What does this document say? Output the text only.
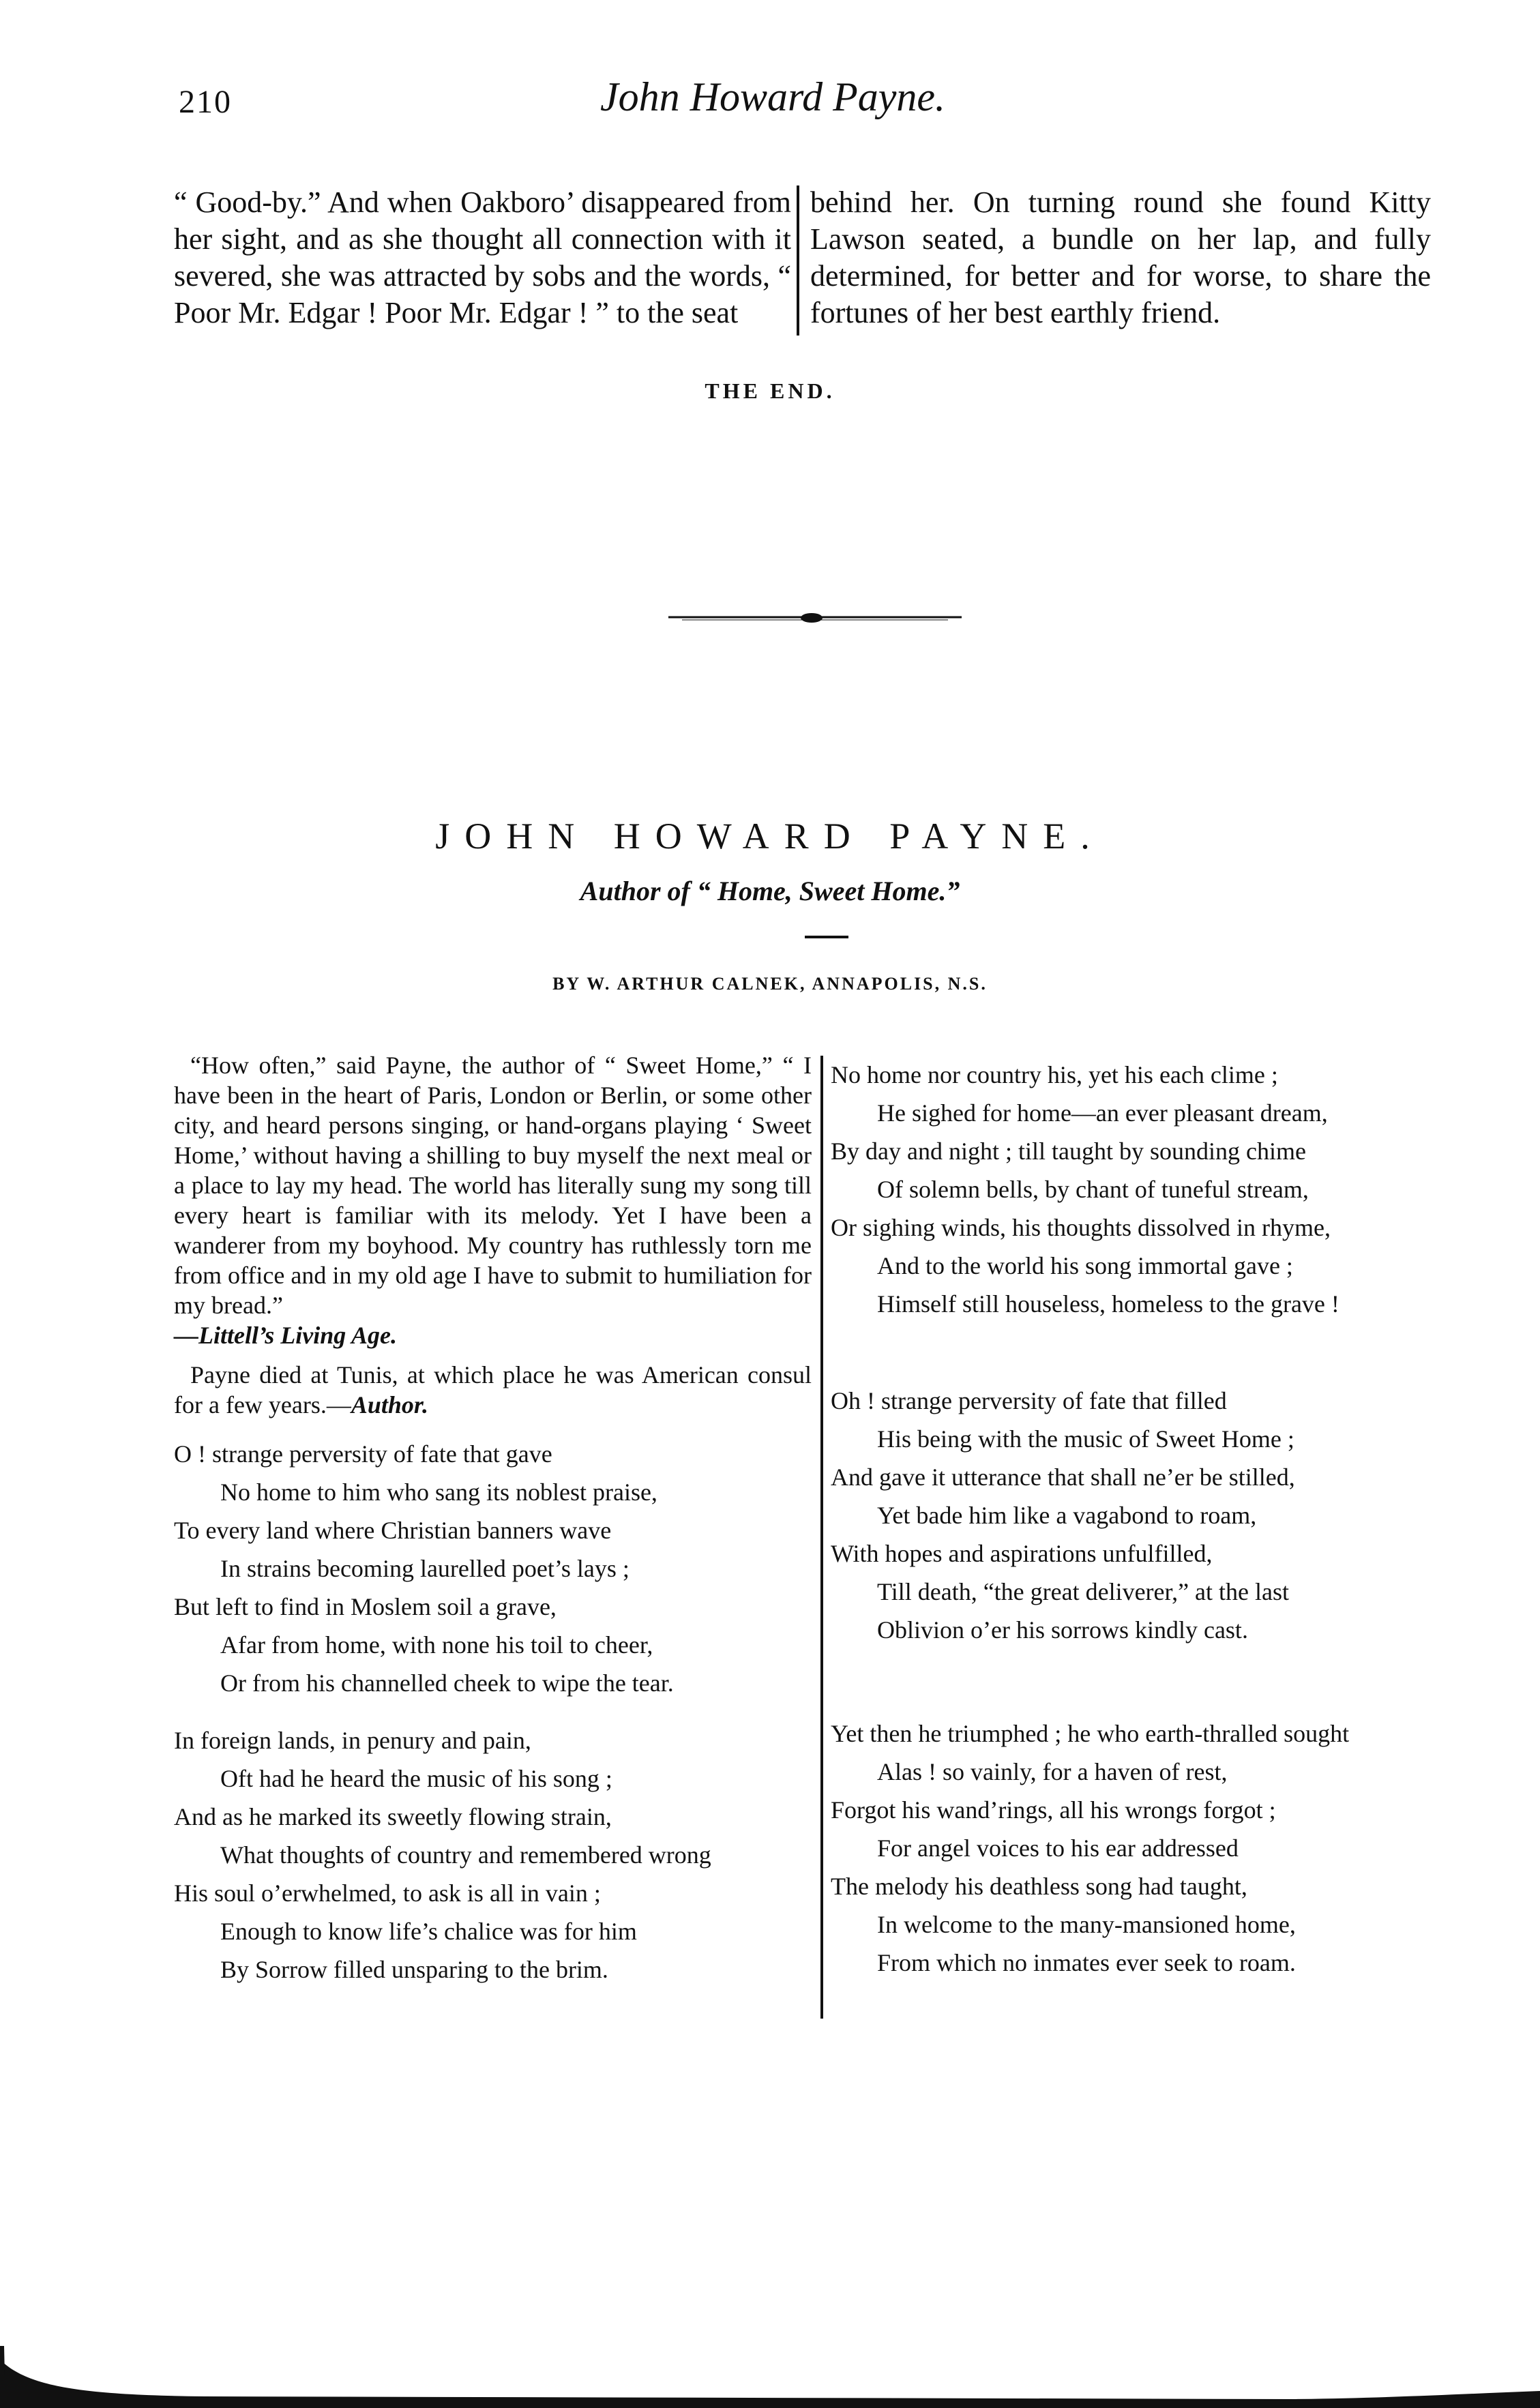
210	John Howard Payne.

“ Good-by.” And when Oakboro’ disappeared from her sight, and as she thought all connection with it severed, she was attracted by sobs and the words, “ Poor Mr. Edgar ! Poor Mr. Edgar ! ” to the seat

behind her. On turning round she found Kitty Lawson seated, a bundle on her lap, and fully determined, for better and for worse, to share the fortunes of her best earthly friend.

THE END.
JOHN HOWARD PAYNE.
Author of “ Home, Sweet Home.”
BY W. ARTHUR CALNEK, ANNAPOLIS, N.S.

“How often,” said Payne, the author of “ Sweet Home,” “ I have been in the heart of Paris, London or Berlin, or some other city, and heard persons singing, or hand-organs playing ‘ Sweet Home,’ without having a shilling to buy myself the next meal or a place to lay my head. The world has literally sung my song till every heart is familiar with its melody. Yet I have been a wanderer from my boyhood. My country has ruthlessly torn me from office and in my old age I have to submit to humiliation for my bread.”
—Littell’s Living Age.

Payne died at Tunis, at which place he was American consul for a few years.—Author.

O ! strange perversity of fate that gave
No home to him who sang its noblest praise,
To every land where Christian banners wave
In strains becoming laurelled poet’s lays ;
But left to find in Moslem soil a grave,
Afar from home, with none his toil to cheer,
Or from his channelled cheek to wipe the tear.
In foreign lands, in penury and pain,
Oft had he heard the music of his song ;
And as he marked its sweetly flowing strain,
What thoughts of country and remembered wrong
His soul o’erwhelmed, to ask is all in vain ;
Enough to know life’s chalice was for him
By Sorrow filled unsparing to the brim.
No home nor country his, yet his each clime ;
He sighed for home—an ever pleasant dream,
By day and night ; till taught by sounding chime
Of solemn bells, by chant of tuneful stream,
Or sighing winds, his thoughts dissolved in rhyme,
And to the world his song immortal gave ;
Himself still houseless, homeless to the grave !
Oh ! strange perversity of fate that filled
His being with the music of Sweet Home ;
And gave it utterance that shall ne’er be stilled,
Yet bade him like a vagabond to roam,
With hopes and aspirations unfulfilled,
Till death, “the great deliverer,” at the last
Oblivion o’er his sorrows kindly cast.
Yet then he triumphed ; he who earth-thralled sought
Alas ! so vainly, for a haven of rest,
Forgot his wand’rings, all his wrongs forgot ;
For angel voices to his ear addressed
The melody his deathless song had taught,
In welcome to the many-mansioned home,
From which no inmates ever seek to roam.
